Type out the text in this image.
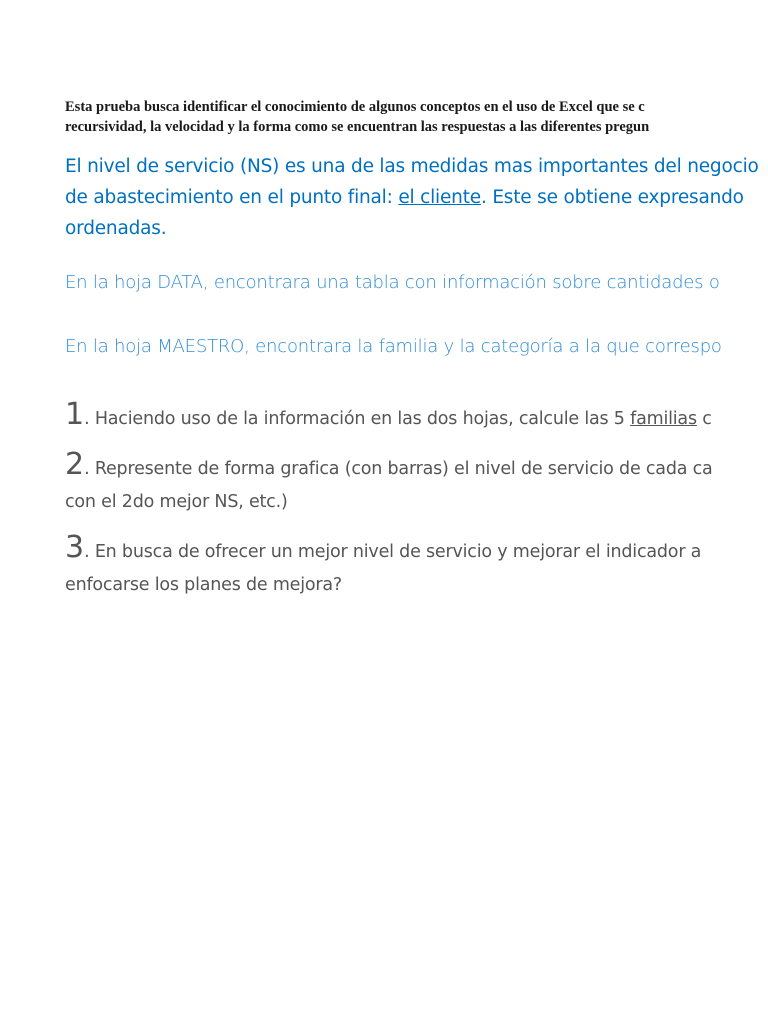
Esta prueba busca identificar el conocimiento de algunos conceptos en el uso de Excel que se c
recursividad, la velocidad y la forma como se encuentran las respuestas a las diferentes pregun

El nivel de servicio (NS) es una de las medidas mas importantes del negocio
de abastecimiento en el punto final: el cliente. Este se obtiene expresando
ordenadas.

En la hoja DATA, encontrara una tabla con información sobre cantidades o

En la hoja MAESTRO, encontrara la familia y la categoría a la que correspo

1. Haciendo uso de la información en las dos hojas, calcule las 5 familias c

2. Represente de forma grafica (con barras) el nivel de servicio de cada ca
con el 2do mejor NS, etc.)

3. En busca de ofrecer un mejor nivel de servicio y mejorar el indicador a
enfocarse los planes de mejora?
